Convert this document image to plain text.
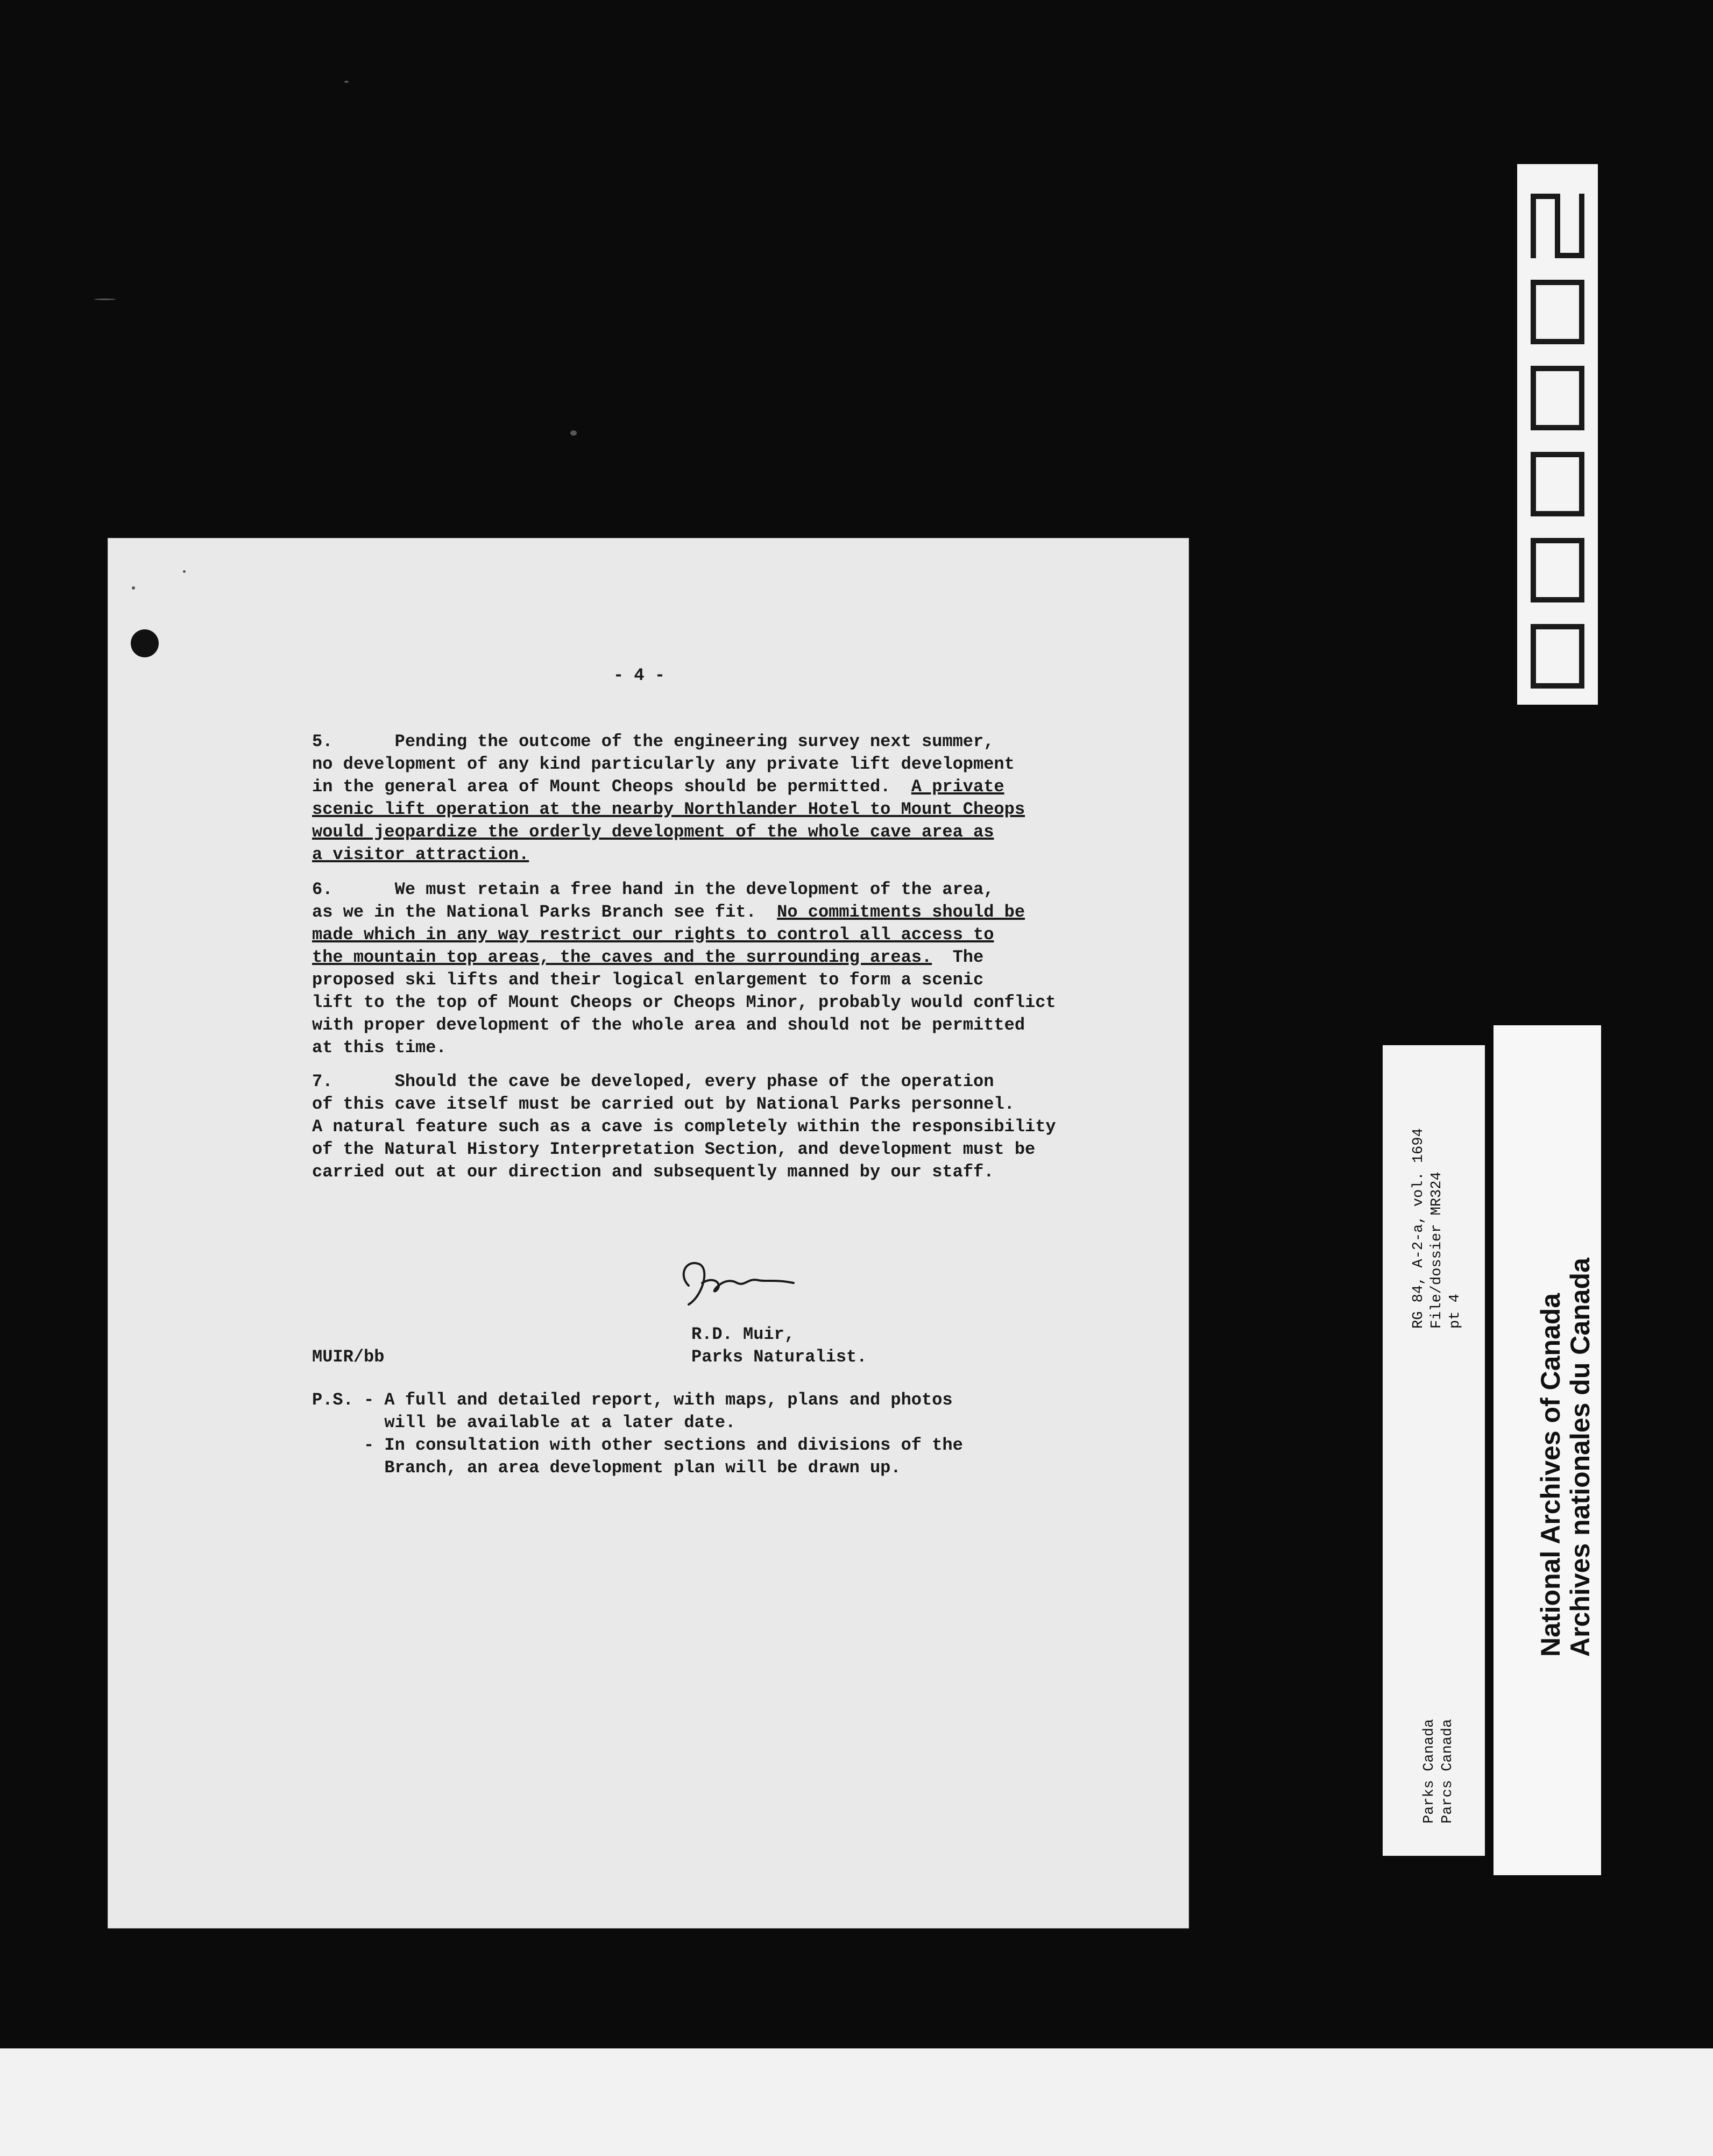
- 4 -
5.      Pending the outcome of the engineering survey next summer,
no development of any kind particularly any private lift development
in the general area of Mount Cheops should be permitted.  A private
scenic lift operation at the nearby Northlander Hotel to Mount Cheops
would jeopardize the orderly development of the whole cave area as
a visitor attraction.
6.      We must retain a free hand in the development of the area,
as we in the National Parks Branch see fit.  No commitments should be
made which in any way restrict our rights to control all access to
the mountain top areas, the caves and the surrounding areas.  The
proposed ski lifts and their logical enlargement to form a scenic
lift to the top of Mount Cheops or Cheops Minor, probably would conflict
with proper development of the whole area and should not be permitted
at this time.
7.      Should the cave be developed, every phase of the operation
of this cave itself must be carried out by National Parks personnel.
A natural feature such as a cave is completely within the responsibility
of the Natural History Interpretation Section, and development must be
carried out at our direction and subsequently manned by our staff.
R.D. Muir,
Parks Naturalist.
MUIR/bb
P.S. - A full and detailed report, with maps, plans and photos
will be available at a later date.
- In consultation with other sections and divisions of the
Branch, an area development plan will be drawn up.
RG 84, A-2-a, vol. 1694 File/dossier MR324 pt 4
Parks Canada Parcs Canada
National Archives of Canada
Archives nationales du Canada
